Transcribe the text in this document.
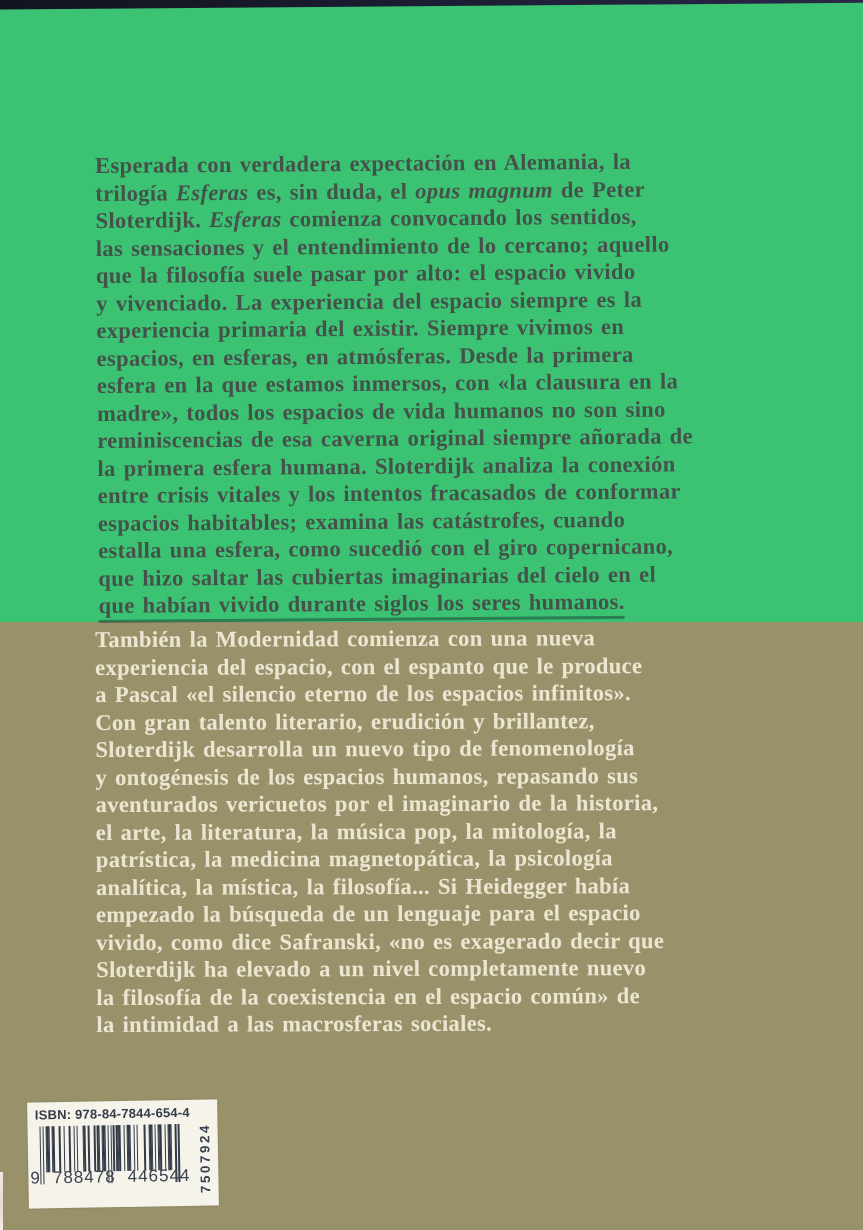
Esperada con verdadera expectación en Alemania, la
trilogía Esferas es, sin duda, el opus magnum de Peter
Sloterdijk. Esferas comienza convocando los sentidos,
las sensaciones y el entendimiento de lo cercano; aquello
que la filosofía suele pasar por alto: el espacio vivido
y vivenciado. La experiencia del espacio siempre es la
experiencia primaria del existir. Siempre vivimos en
espacios, en esferas, en atmósferas. Desde la primera
esfera en la que estamos inmersos, con «la clausura en la
madre», todos los espacios de vida humanos no son sino
reminiscencias de esa caverna original siempre añorada de
la primera esfera humana. Sloterdijk analiza la conexión
entre crisis vitales y los intentos fracasados de conformar
espacios habitables; examina las catástrofes, cuando
estalla una esfera, como sucedió con el giro copernicano,
que hizo saltar las cubiertas imaginarias del cielo en el
que habían vivido durante siglos los seres humanos.
También la Modernidad comienza con una nueva
experiencia del espacio, con el espanto que le produce
a Pascal «el silencio eterno de los espacios infinitos».
Con gran talento literario, erudición y brillantez,
Sloterdijk desarrolla un nuevo tipo de fenomenología
y ontogénesis de los espacios humanos, repasando sus
aventurados vericuetos por el imaginario de la historia,
el arte, la literatura, la música pop, la mitología, la
patrística, la medicina magnetopática, la psicología
analítica, la mística, la filosofía... Si Heidegger había
empezado la búsqueda de un lenguaje para el espacio
vivido, como dice Safranski, «no es exagerado decir que
Sloterdijk ha elevado a un nivel completamente nuevo
la filosofía de la coexistencia en el espacio común» de
la intimidad a las macrosferas sociales.
ISBN: 978-84-7844-654-4
9 788478 446544 7507924
